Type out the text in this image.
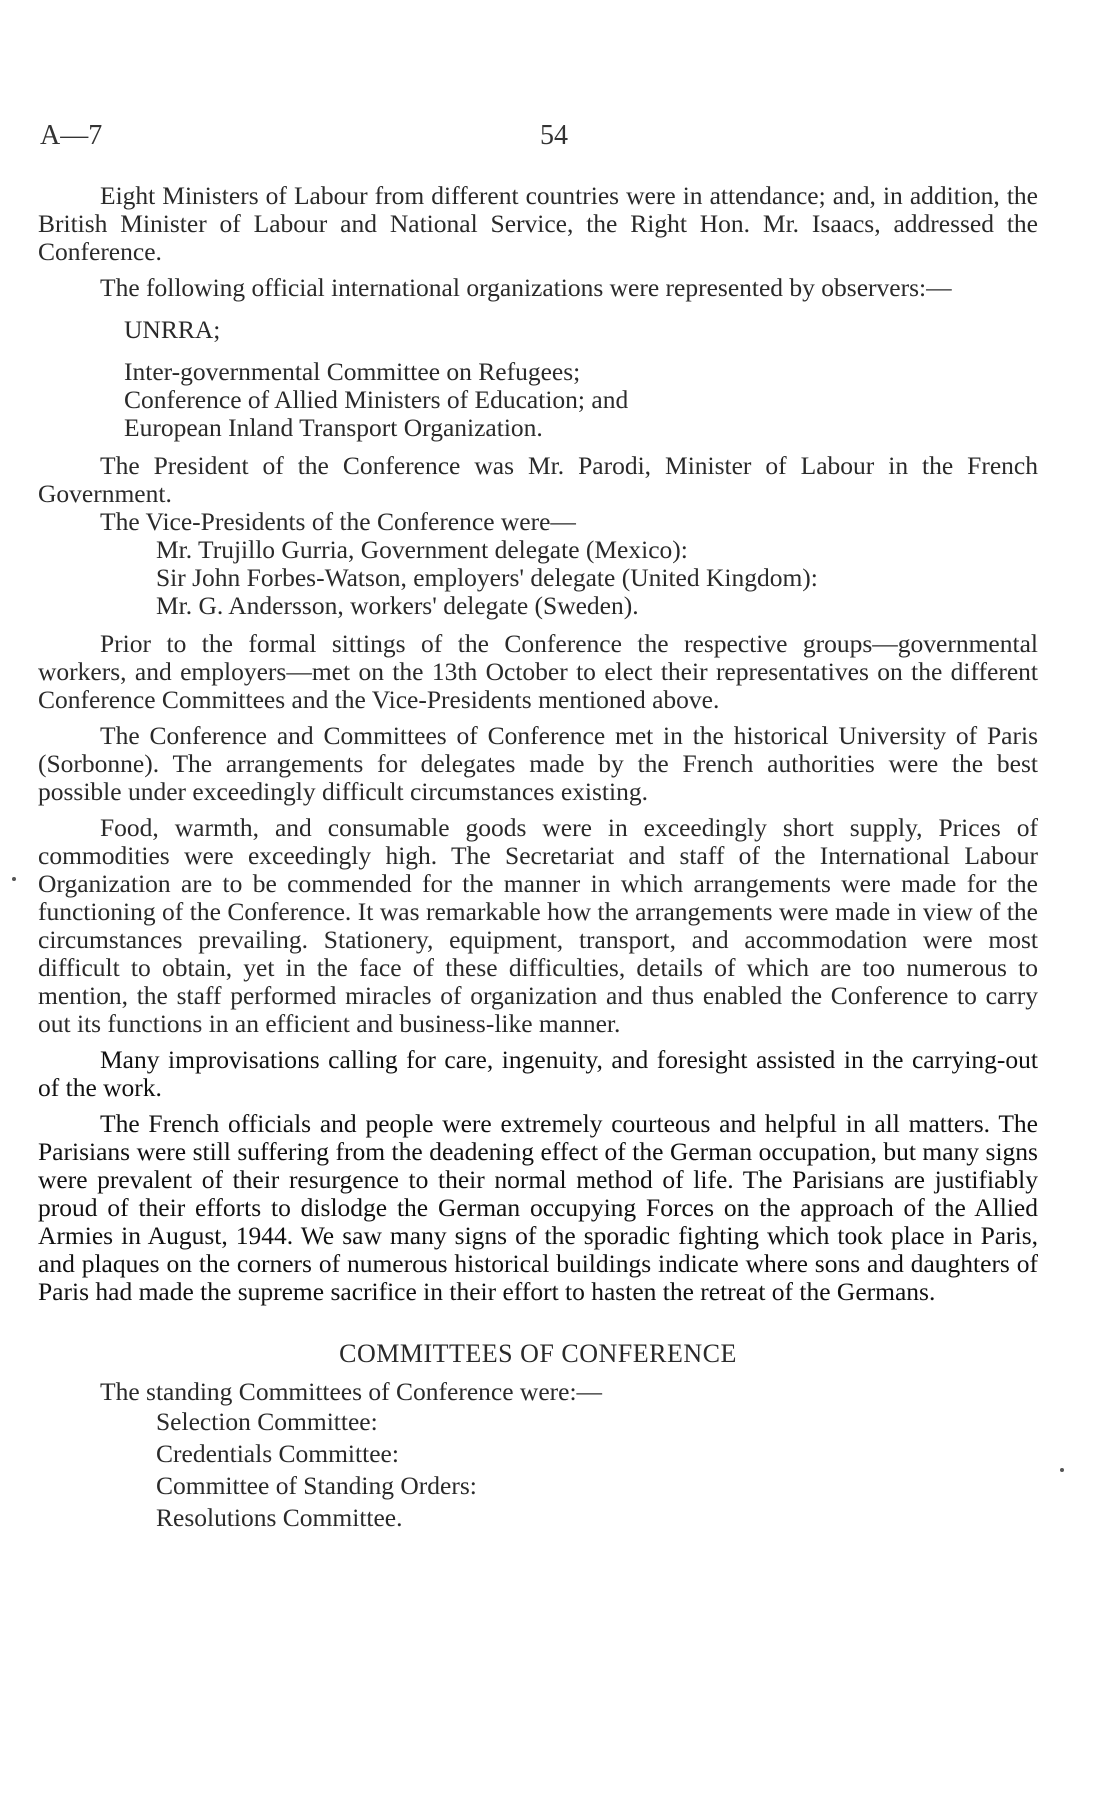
A—7	54

Eight Ministers of Labour from different countries were in attendance; and, in addition, the British Minister of Labour and National Service, the Right Hon. Mr. Isaacs, addressed the Conference.

The following official international organizations were represented by observers:—

UNRRA;
Inter-governmental Committee on Refugees;
Conference of Allied Ministers of Education; and
European Inland Transport Organization.

The President of the Conference was Mr. Parodi, Minister of Labour in the French Government.

The Vice-Presidents of the Conference were—

Mr. Trujillo Gurria, Government delegate (Mexico):
Sir John Forbes-Watson, employers' delegate (United Kingdom):
Mr. G. Andersson, workers' delegate (Sweden).

Prior to the formal sittings of the Conference the respective groups—governmental workers, and employers—met on the 13th October to elect their representatives on the different Conference Committees and the Vice-Presidents mentioned above.

The Conference and Committees of Conference met in the historical University of Paris (Sorbonne). The arrangements for delegates made by the French authorities were the best possible under exceedingly difficult circumstances existing.

Food, warmth, and consumable goods were in exceedingly short supply, Prices of commodities were exceedingly high. The Secretariat and staff of the International Labour Organization are to be commended for the manner in which arrangements were made for the functioning of the Conference. It was remarkable how the arrangements were made in view of the circumstances prevailing. Stationery, equipment, transport, and accommodation were most difficult to obtain, yet in the face of these difficulties, details of which are too numerous to mention, the staff performed miracles of organization and thus enabled the Conference to carry out its functions in an efficient and business-like manner.

Many improvisations calling for care, ingenuity, and foresight assisted in the carrying-out of the work.

The French officials and people were extremely courteous and helpful in all matters. The Parisians were still suffering from the deadening effect of the German occupation, but many signs were prevalent of their resurgence to their normal method of life. The Parisians are justifiably proud of their efforts to dislodge the German occupying Forces on the approach of the Allied Armies in August, 1944. We saw many signs of the sporadic fighting which took place in Paris, and plaques on the corners of numerous historical buildings indicate where sons and daughters of Paris had made the supreme sacrifice in their effort to hasten the retreat of the Germans.

COMMITTEES OF CONFERENCE

The standing Committees of Conference were:—

Selection Committee:
Credentials Committee:
Committee of Standing Orders:
Resolutions Committee.
